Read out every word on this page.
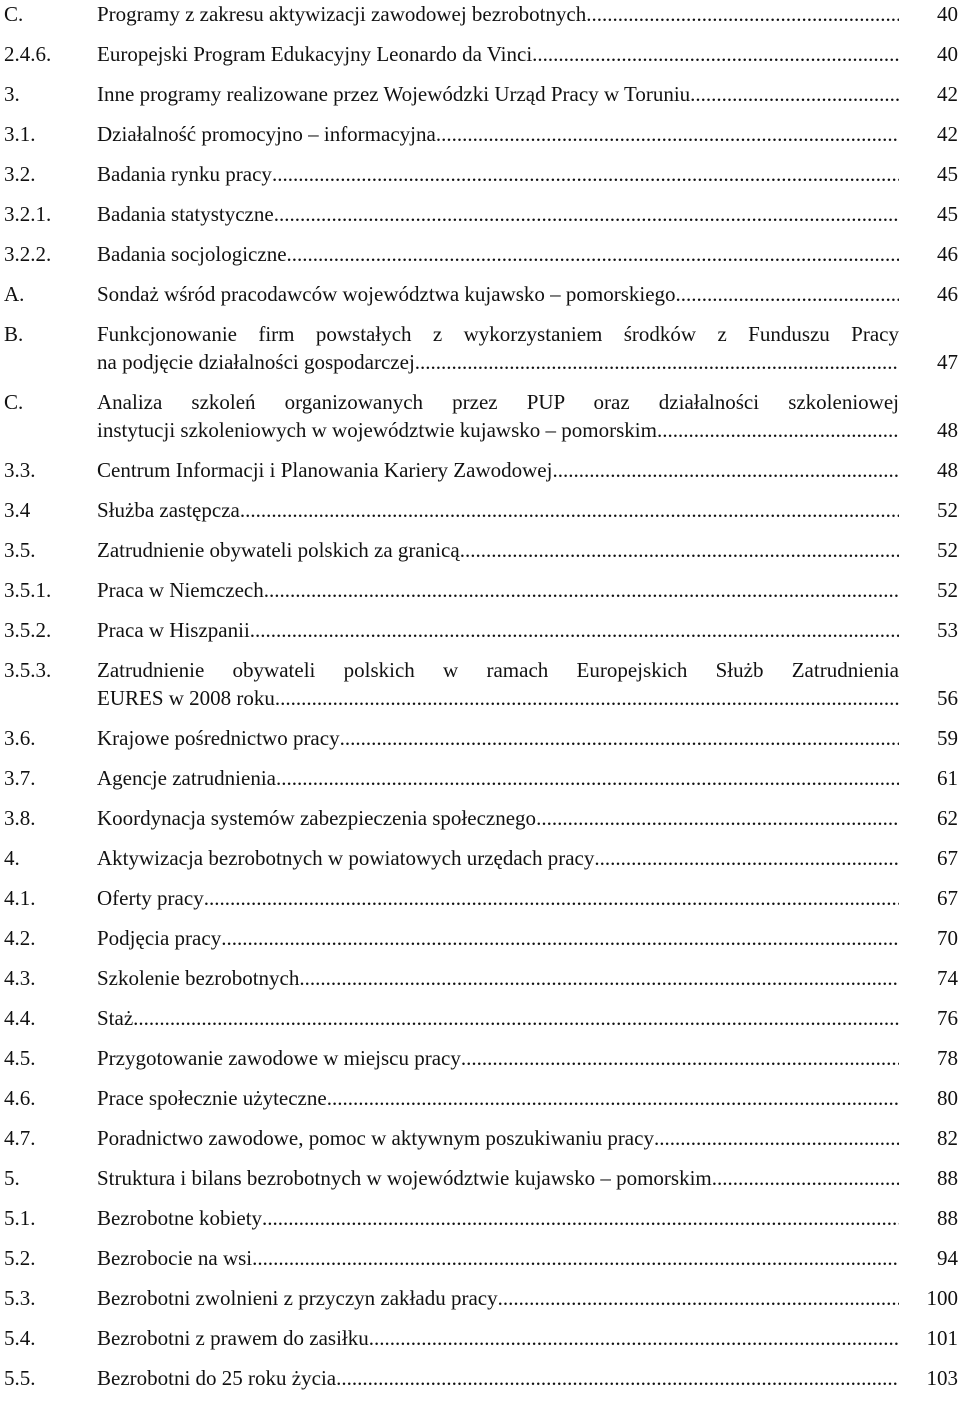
C.	Programy z zakresu aktywizacji zawodowej bezrobotnych .....	40
2.4.6.	Europejski Program Edukacyjny Leonardo da Vinci .....	40
3.	Inne programy realizowane przez Wojewódzki Urząd Pracy w Toruniu .....	42
3.1.	Działalność promocyjno – informacyjna .....	42
3.2.	Badania rynku pracy .....	45
3.2.1.	Badania statystyczne .....	45
3.2.2.	Badania socjologiczne .....	46
A.	Sondaż wśród pracodawców województwa kujawsko – pomorskiego .....	46
B.	Funkcjonowanie firm powstałych z wykorzystaniem środków z Funduszu Pracy
na podjęcie działalności gospodarczej .....	47
C.	Analiza szkoleń organizowanych przez PUP oraz działalności szkoleniowej
instytucji szkoleniowych w województwie kujawsko – pomorskim .....	48
3.3.	Centrum Informacji i Planowania Kariery Zawodowej .....	48
3.4	Służba zastępcza .....	52
3.5.	Zatrudnienie obywateli polskich za granicą .....	52
3.5.1.	Praca w Niemczech .....	52
3.5.2.	Praca w Hiszpanii .....	53
3.5.3.	Zatrudnienie obywateli polskich w ramach Europejskich Służb Zatrudnienia
EURES w 2008 roku .....	56
3.6.	Krajowe pośrednictwo pracy .....	59
3.7.	Agencje zatrudnienia .....	61
3.8.	Koordynacja systemów zabezpieczenia społecznego .....	62
4.	Aktywizacja bezrobotnych w powiatowych urzędach pracy .....	67
4.1.	Oferty pracy .....	67
4.2.	Podjęcia pracy .....	70
4.3.	Szkolenie bezrobotnych .....	74
4.4.	Staż .....	76
4.5.	Przygotowanie zawodowe w miejscu pracy .....	78
4.6.	Prace społecznie użyteczne .....	80
4.7.	Poradnictwo zawodowe, pomoc w aktywnym poszukiwaniu pracy .....	82
5.	Struktura i bilans bezrobotnych w województwie kujawsko – pomorskim .....	88
5.1.	Bezrobotne kobiety .....	88
5.2.	Bezrobocie na wsi .....	94
5.3.	Bezrobotni zwolnieni z przyczyn zakładu pracy .....	100
5.4.	Bezrobotni z prawem do zasiłku .....	101
5.5.	Bezrobotni do 25 roku życia .....	103
